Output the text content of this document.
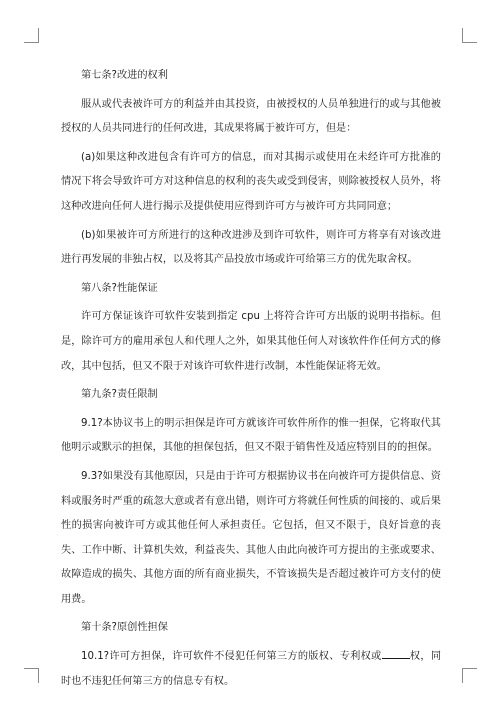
第七条?改进的权利
服从或代表被许可方的利益并由其投资，由被授权的人员单独进行的或与其他被授权的人员共同进行的任何改进，其成果将属于被许可方，但是：
(a)如果这种改进包含有许可方的信息，而对其揭示或使用在未经许可方批准的情况下将会导致许可方对这种信息的权利的丧失或受到侵害，则除被授权人员外，将这种改进向任何人进行揭示及提供使用应得到许可方与被许可方共同同意；
(b)如果被许可方所进行的这种改进涉及到许可软件，则许可方将享有对该改进进行再发展的非独占权，以及将其产品投放市场或许可给第三方的优先取舍权。
第八条?性能保证
许可方保证该许可软件安装到指定 cpu 上将符合许可方出版的说明书指标。但是，除许可方的雇用承包人和代理人之外，如果其他任何人对该软件作任何方式的修改，其中包括，但又不限于对该许可软件进行改制，本性能保证将无效。
第九条?责任限制
9.1?本协议书上的明示担保是许可方就该许可软件所作的惟一担保，它将取代其他明示或默示的担保，其他的担保包括，但又不限于销售性及适应特别目的的担保。
9.3?如果没有其他原因，只是由于许可方根据协议书在向被许可方提供信息、资料或服务时严重的疏忽大意或者有意出错，则许可方将就任何性质的间接的、或后果性的损害向被许可方或其他任何人承担责任。它包括，但又不限于，良好旨意的丧失、工作中断、计算机失效，利益丧失、其他人由此向被许可方提出的主张或要求、故障造成的损失、其他方面的所有商业损失，不管该损失是否超过被许可方支付的使用费。
第十条?原创性担保
10.1?许可方担保，许可软件不侵犯任何第三方的版权、专利权或	权，同时也不违犯任何第三方的信息专有权。
